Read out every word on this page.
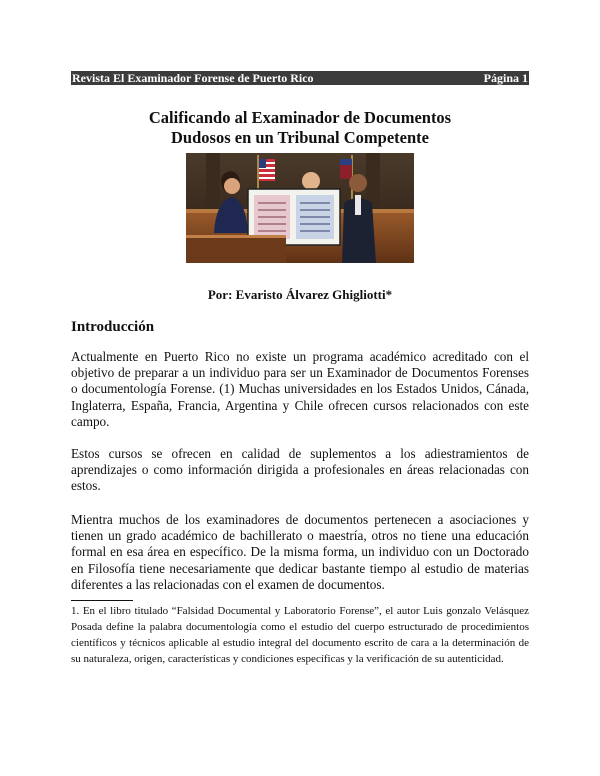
Revista El Examinador Forense de Puerto Rico	Página 1
Calificando al Examinador de Documentos
Dudosos en un Tribunal Competente
Por: Evaristo Álvarez Ghigliotti*
Introducción

Actualmente en Puerto Rico no existe un programa académico acreditado con el objetivo de preparar a un individuo para ser un Examinador de Documentos Forenses o documentología Forense. (1) Muchas universidades en los Estados Unidos, Cánada, Inglaterra, España, Francia, Argentina y Chile ofrecen cursos relacionados con este campo.

Estos cursos se ofrecen en calidad de suplementos a los adiestramientos de aprendizajes o como información dirigida a profesionales en áreas relacionadas con estos.

Mientra muchos de los examinadores de documentos pertenecen a asociaciones y tienen un grado académico de bachillerato o maestría, otros no tiene una educación formal en esa área en específico. De la misma forma, un individuo con un Doctorado en Filosofía tiene necesariamente que dedicar bastante tiempo al estudio de materias diferentes a las relacionadas con el examen de documentos.

1. En el libro titulado “Falsidad Documental y Laboratorio Forense”, el autor Luis gonzalo Velásquez Posada define la palabra documentología como el estudio del cuerpo estructurado de procedimientos científicos y técnicos aplicable al estudio integral del documento escrito de cara a la determinación de su naturaleza, origen, características y condiciones específicas y la verificación de su autenticidad.
